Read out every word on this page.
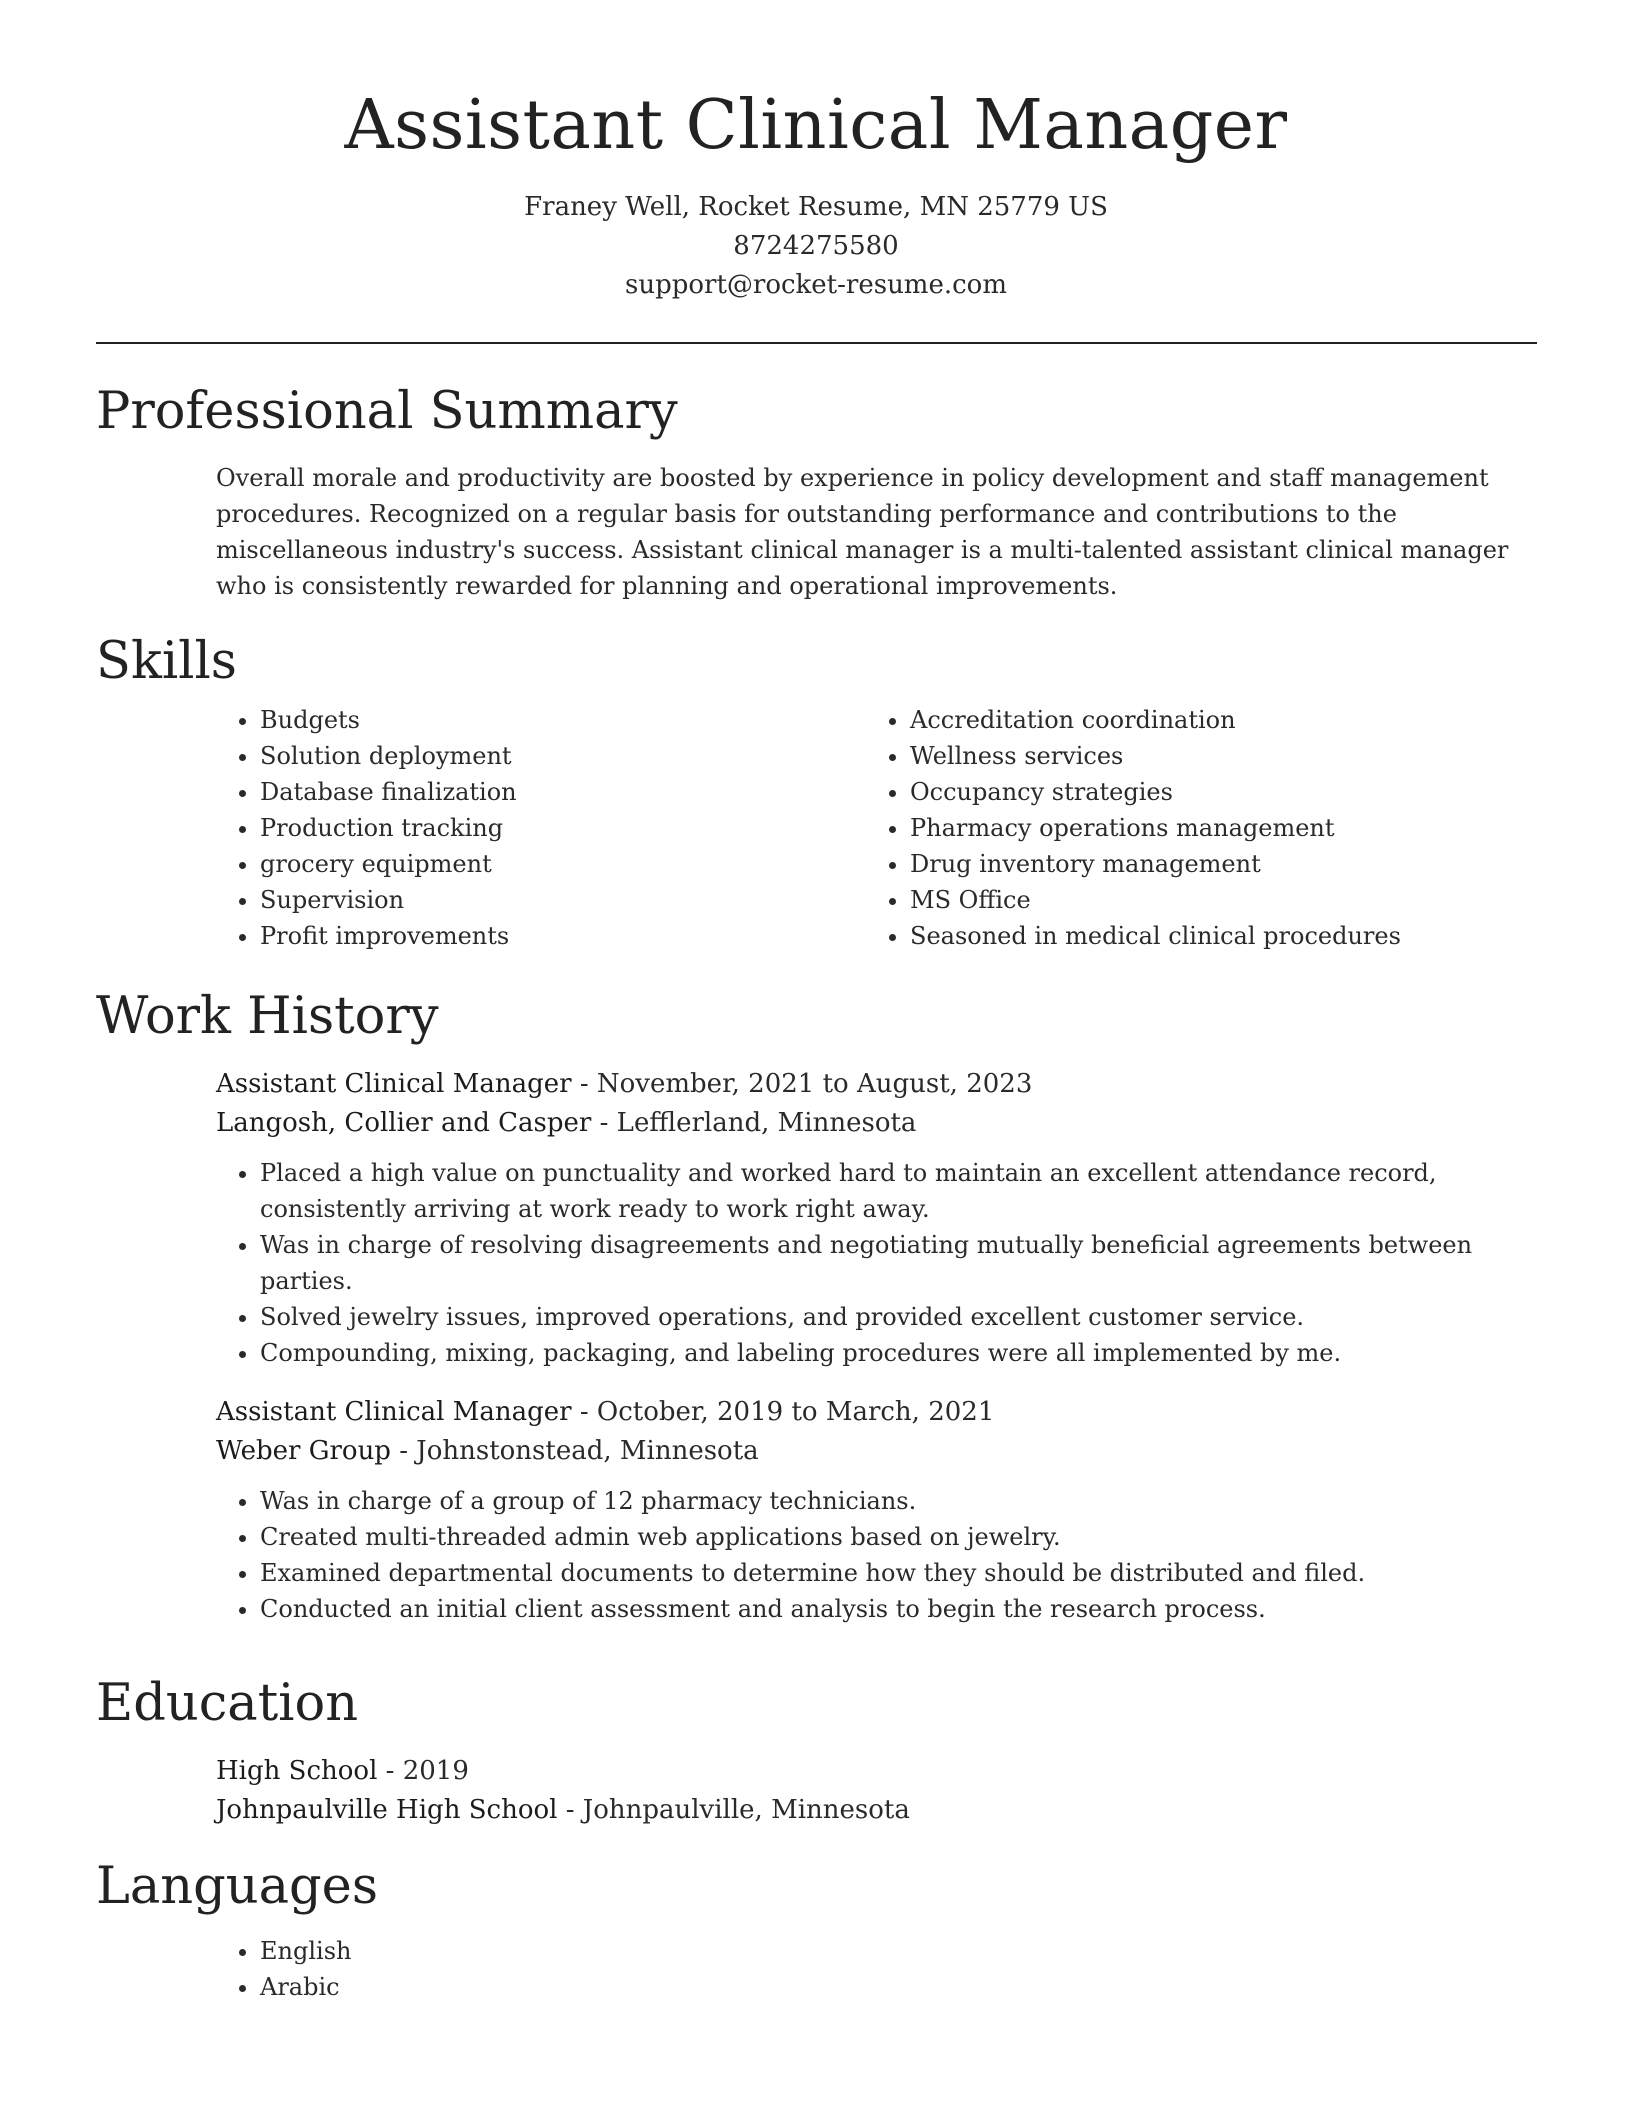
Assistant Clinical Manager
Franey Well, Rocket Resume, MN 25779 US
8724275580
support@rocket-resume.com
Professional Summary

Overall morale and productivity are boosted by experience in policy development and staff management procedures. Recognized on a regular basis for outstanding performance and contributions to the miscellaneous industry's success. Assistant clinical manager is a multi-talented assistant clinical manager who is consistently rewarded for planning and operational improvements.

Skills
• Budgets
• Solution deployment
• Database finalization
• Production tracking
• grocery equipment
• Supervision
• Profit improvements
• Accreditation coordination
• Wellness services
• Occupancy strategies
• Pharmacy operations management
• Drug inventory management
• MS Office
• Seasoned in medical clinical procedures
Work History
Assistant Clinical Manager - November, 2021 to August, 2023
Langosh, Collier and Casper - Lefflerland, Minnesota
• Placed a high value on punctuality and worked hard to maintain an excellent attendance record, consistently arriving at work ready to work right away.
• Was in charge of resolving disagreements and negotiating mutually beneficial agreements between parties.
• Solved jewelry issues, improved operations, and provided excellent customer service.
• Compounding, mixing, packaging, and labeling procedures were all implemented by me.
Assistant Clinical Manager - October, 2019 to March, 2021
Weber Group - Johnstonstead, Minnesota
• Was in charge of a group of 12 pharmacy technicians.
• Created multi-threaded admin web applications based on jewelry.
• Examined departmental documents to determine how they should be distributed and filed.
• Conducted an initial client assessment and analysis to begin the research process.
Education
High School - 2019
Johnpaulville High School - Johnpaulville, Minnesota
Languages
• English
• Arabic
